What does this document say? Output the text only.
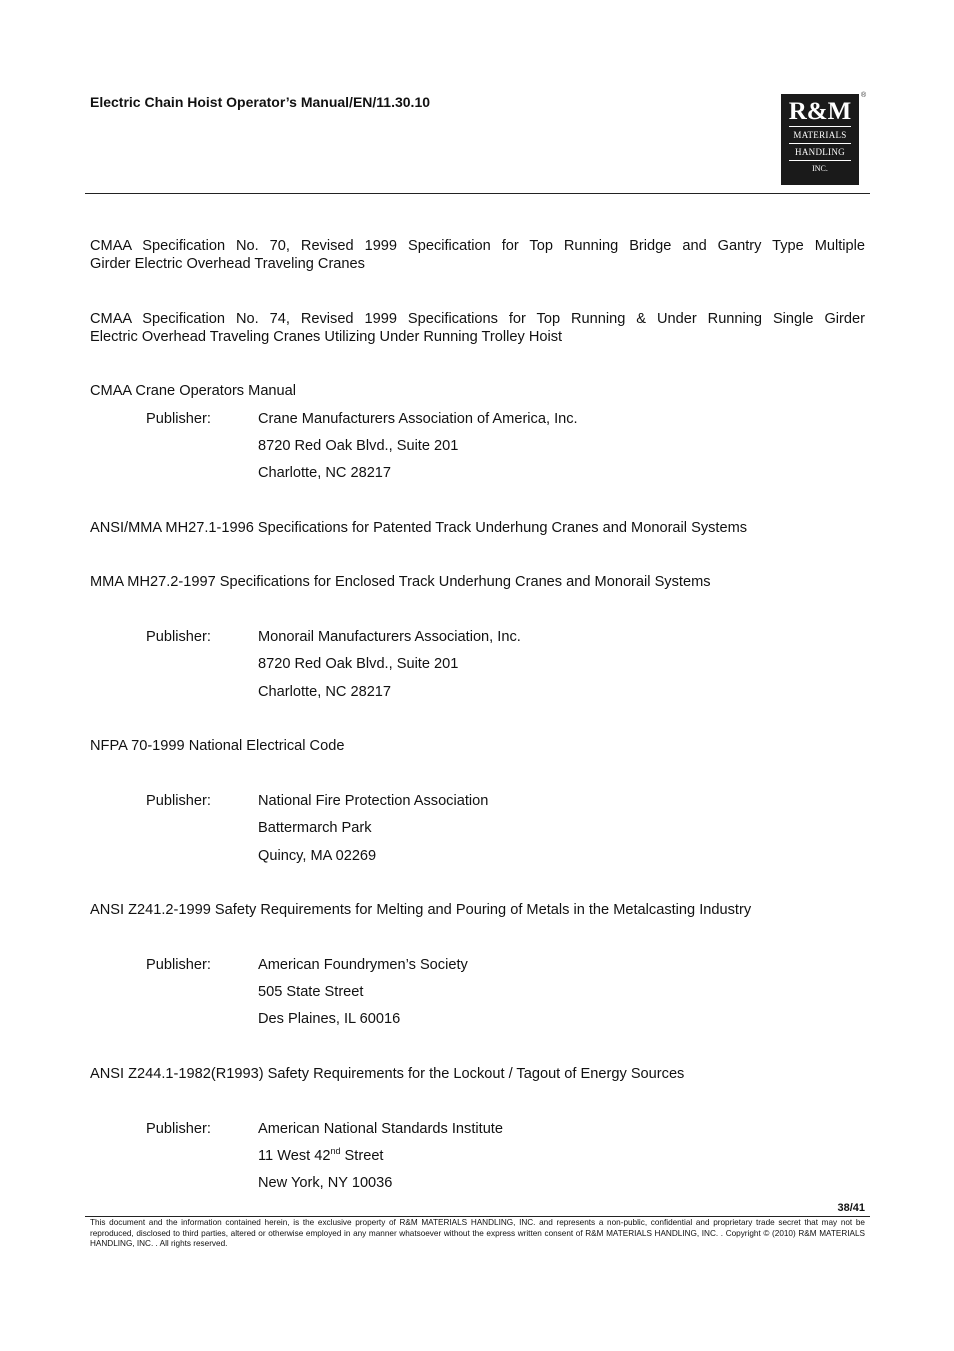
Electric Chain Hoist Operator’s Manual/EN/11.30.10	R&M
MATERIALS
HANDLING
INC.
®
CMAA Specification No. 70, Revised 1999 Specification for Top Running Bridge and Gantry Type Multiple
Girder Electric Overhead Traveling Cranes
CMAA Specification No. 74, Revised 1999 Specifications for Top Running & Under Running Single Girder
Electric Overhead Traveling Cranes Utilizing Under Running Trolley Hoist
CMAA Crane Operators Manual
Publisher:	Crane Manufacturers Association of America, Inc.
8720 Red Oak Blvd., Suite 201
Charlotte, NC 28217
ANSI/MMA MH27.1-1996 Specifications for Patented Track Underhung Cranes and Monorail Systems
MMA MH27.2-1997 Specifications for Enclosed Track Underhung Cranes and Monorail Systems
Publisher:	Monorail Manufacturers Association, Inc.
8720 Red Oak Blvd., Suite 201
Charlotte, NC 28217
NFPA 70-1999 National Electrical Code
Publisher:	National Fire Protection Association
Battermarch Park
Quincy, MA 02269
ANSI Z241.2-1999 Safety Requirements for Melting and Pouring of Metals in the Metalcasting Industry
Publisher:	American Foundrymen’s Society
505 State Street
Des Plaines, IL 60016
ANSI Z244.1-1982(R1993) Safety Requirements for the Lockout / Tagout of Energy Sources
Publisher:	American National Standards Institute
11 West 42nd Street
New York, NY 10036
38/41
This document and the information contained herein, is the exclusive property of R&M MATERIALS HANDLING, INC. and represents a non-public, confidential and proprietary trade secret that may not be reproduced, disclosed to third parties, altered or otherwise employed in any manner whatsoever without the express written consent of R&M MATERIALS HANDLING, INC. . Copyright © (2010) R&M MATERIALS HANDLING, INC. . All rights reserved.
